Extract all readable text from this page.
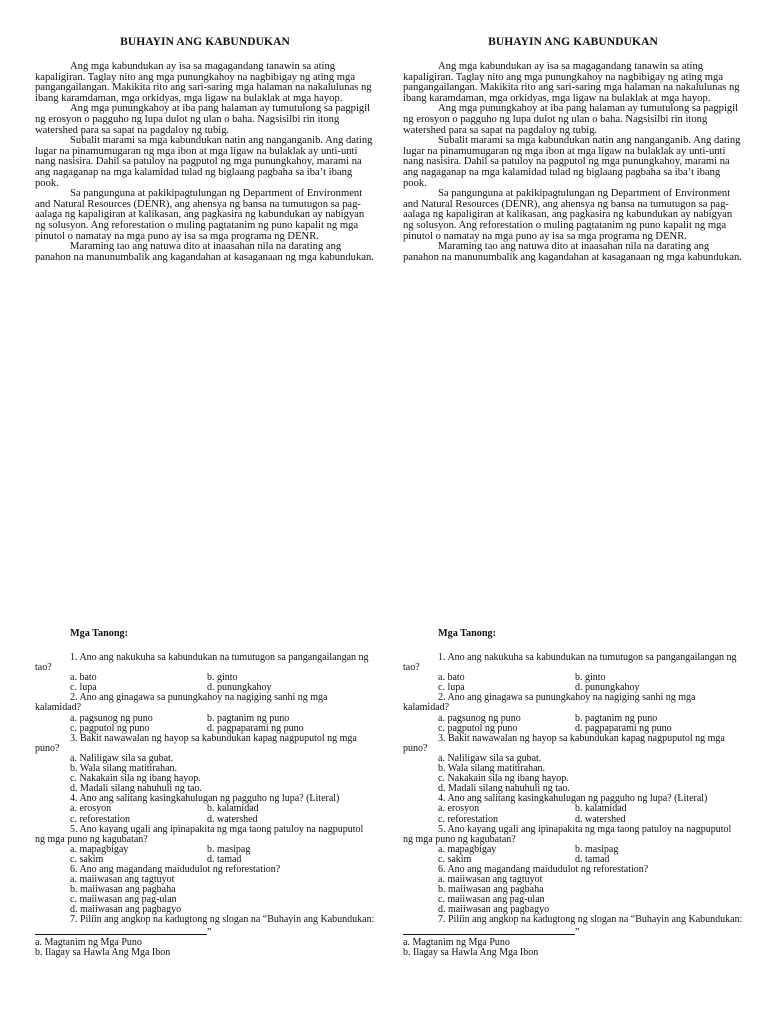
BUHAYIN ANG KABUNDUKAN

Ang mga kabundukan ay isa sa magagandang tanawin sa ating kapaligiran. Taglay nito ang mga punungkahoy na nagbibigay ng ating mga pangangailangan. Makikita rito ang sari-saring mga halaman na nakalulunas ng ibang karamdaman, mga orkidyas, mga ligaw na bulaklak at mga hayop.

Ang mga punungkahoy at iba pang halaman ay tumutulong sa pagpigil ng erosyon o pagguho ng lupa dulot ng ulan o baha. Nagsisilbi rin itong watershed para sa sapat na pagdaloy ng tubig.

Subalit marami sa mga kabundukan natin ang nanganganib. Ang dating lugar na pinamumugaran ng mga ibon at mga ligaw na bulaklak ay unti-unti nang nasisira. Dahil sa patuloy na pagputol ng mga punungkahoy, marami na ang nagaganap na mga kalamidad tulad ng biglaang pagbaha sa iba’t ibang pook.

Sa pangunguna at pakikipagtulungan ng Department of Environment and Natural Resources (DENR), ang ahensya ng bansa na tumutugon sa pag-aalaga ng kapaligiran at kalikasan, ang pagkasira ng kabundukan ay nabigyan ng solusyon. Ang reforestation o muling pagtatanim ng puno kapalit ng mga pinutol o namatay na mga puno ay isa sa mga programa ng DENR.

Maraming tao ang natuwa dito at inaasahan nila na darating ang panahon na manunumbalik ang kagandahan at kasaganaan ng mga kabundukan.

Mga Tanong:
1. Ano ang nakukuha sa kabundukan na tumutugon sa pangangailangan ng tao?
a. bato	b. ginto
c. lupa	d. punungkahoy
2. Ano ang ginagawa sa punungkahoy na nagiging sanhi ng mga kalamidad?
a. pagsunog ng puno	b. pagtanim ng puno
c. pagputol ng puno	d. pagpaparami ng puno
3. Bakit nawawalan ng hayop sa kabundukan kapag nagpuputol ng mga puno?
a. Naliligaw sila sa gubat.
b. Wala silang matitirahan.
c. Nakakain sila ng ibang hayop.
d. Madali silang nahuhuli ng tao.
4. Ano ang salitang kasingkahulugan ng pagguho ng lupa? (Literal)
a. erosyon	b. kalamidad
c. reforestation	d. watershed
5. Ano kayang ugali ang ipinapakita ng mga taong patuloy na nagpuputol ng mga puno ng kagubatan?
a. mapagbigay	b. masipag
c. sakim	d. tamad
6. Ano ang magandang maidudulot ng reforestation?
a. maiiwasan ang tagtuyot
b. maiiwasan ang pagbaha
c. maiiwasan ang pag-ulan
d. maiiwasan ang pagbagyo
7. Piliin ang angkop na kadugtong ng slogan na “Buhayin ang Kabundukan: ”
a. Magtanim ng Mga Puno
b. Ilagay sa Hawla Ang Mga Ibon
BUHAYIN ANG KABUNDUKAN

Ang mga kabundukan ay isa sa magagandang tanawin sa ating kapaligiran. Taglay nito ang mga punungkahoy na nagbibigay ng ating mga pangangailangan. Makikita rito ang sari-saring mga halaman na nakalulunas ng ibang karamdaman, mga orkidyas, mga ligaw na bulaklak at mga hayop.

Ang mga punungkahoy at iba pang halaman ay tumutulong sa pagpigil ng erosyon o pagguho ng lupa dulot ng ulan o baha. Nagsisilbi rin itong watershed para sa sapat na pagdaloy ng tubig.

Subalit marami sa mga kabundukan natin ang nanganganib. Ang dating lugar na pinamumugaran ng mga ibon at mga ligaw na bulaklak ay unti-unti nang nasisira. Dahil sa patuloy na pagputol ng mga punungkahoy, marami na ang nagaganap na mga kalamidad tulad ng biglaang pagbaha sa iba’t ibang pook.

Sa pangunguna at pakikipagtulungan ng Department of Environment and Natural Resources (DENR), ang ahensya ng bansa na tumutugon sa pag-aalaga ng kapaligiran at kalikasan, ang pagkasira ng kabundukan ay nabigyan ng solusyon. Ang reforestation o muling pagtatanim ng puno kapalit ng mga pinutol o namatay na mga puno ay isa sa mga programa ng DENR.

Maraming tao ang natuwa dito at inaasahan nila na darating ang panahon na manunumbalik ang kagandahan at kasaganaan ng mga kabundukan.

Mga Tanong:
1. Ano ang nakukuha sa kabundukan na tumutugon sa pangangailangan ng tao?
a. bato	b. ginto
c. lupa	d. punungkahoy
2. Ano ang ginagawa sa punungkahoy na nagiging sanhi ng mga kalamidad?
a. pagsunog ng puno	b. pagtanim ng puno
c. pagputol ng puno	d. pagpaparami ng puno
3. Bakit nawawalan ng hayop sa kabundukan kapag nagpuputol ng mga puno?
a. Naliligaw sila sa gubat.
b. Wala silang matitirahan.
c. Nakakain sila ng ibang hayop.
d. Madali silang nahuhuli ng tao.
4. Ano ang salitang kasingkahulugan ng pagguho ng lupa? (Literal)
a. erosyon	b. kalamidad
c. reforestation	d. watershed
5. Ano kayang ugali ang ipinapakita ng mga taong patuloy na nagpuputol ng mga puno ng kagubatan?
a. mapagbigay	b. masipag
c. sakim	d. tamad
6. Ano ang magandang maidudulot ng reforestation?
a. maiiwasan ang tagtuyot
b. maiiwasan ang pagbaha
c. maiiwasan ang pag-ulan
d. maiiwasan ang pagbagyo
7. Piliin ang angkop na kadugtong ng slogan na “Buhayin ang Kabundukan: ”
a. Magtanim ng Mga Puno
b. Ilagay sa Hawla Ang Mga Ibon
